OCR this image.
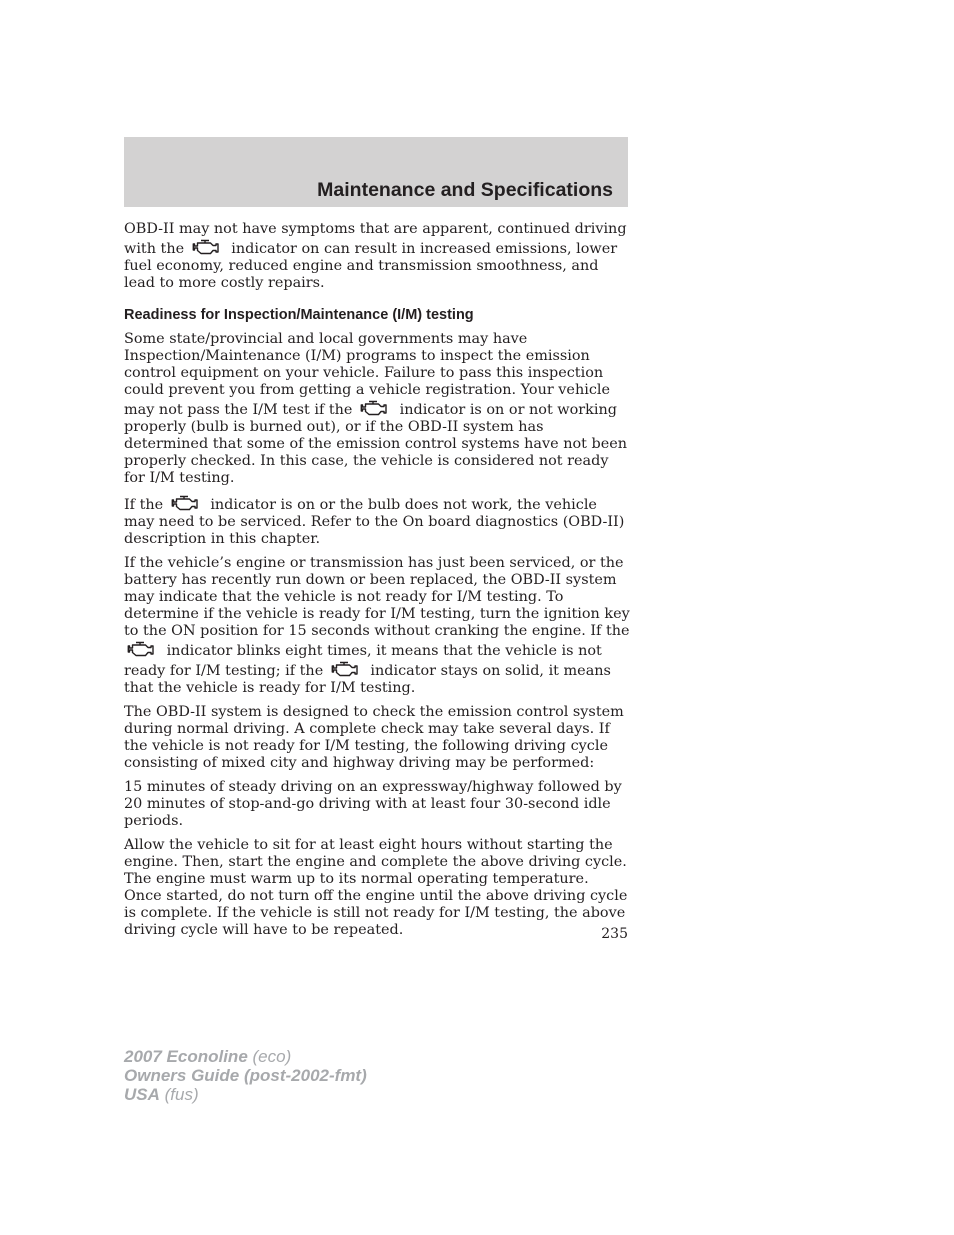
Maintenance and Specifications

OBD-II may not have symptoms that are apparent, continued driving with the	indicator on can result in increased emissions, lower fuel economy, reduced engine and transmission smoothness, and lead to more costly repairs.

Readiness for Inspection/Maintenance (I/M) testing

Some state/provincial and local governments may have Inspection/Maintenance (I/M) programs to inspect the emission control equipment on your vehicle. Failure to pass this inspection could prevent you from getting a vehicle registration. Your vehicle may not pass the I/M test if the	indicator is on or not working properly (bulb is burned out), or if the OBD-II system has determined that some of the emission control systems have not been properly checked. In this case, the vehicle is considered not ready for I/M testing.

If the	indicator is on or the bulb does not work, the vehicle may need to be serviced. Refer to the On board diagnostics (OBD-II) description in this chapter.

If the vehicle’s engine or transmission has just been serviced, or the battery has recently run down or been replaced, the OBD-II system may indicate that the vehicle is not ready for I/M testing. To determine if the vehicle is ready for I/M testing, turn the ignition key to the ON position for 15 seconds without cranking the engine. If the
indicator blinks eight times, it means that the vehicle is not ready for I/M testing; if the	indicator stays on solid, it means that the vehicle is ready for I/M testing.

The OBD-II system is designed to check the emission control system during normal driving. A complete check may take several days. If the vehicle is not ready for I/M testing, the following driving cycle consisting of mixed city and highway driving may be performed:

15 minutes of steady driving on an expressway/highway followed by 20 minutes of stop-and-go driving with at least four 30-second idle periods.

Allow the vehicle to sit for at least eight hours without starting the engine. Then, start the engine and complete the above driving cycle. The engine must warm up to its normal operating temperature. Once started, do not turn off the engine until the above driving cycle is complete. If the vehicle is still not ready for I/M testing, the above driving cycle will have to be repeated.	235
2007 Econoline (eco)
Owners Guide (post-2002-fmt)
USA (fus)
